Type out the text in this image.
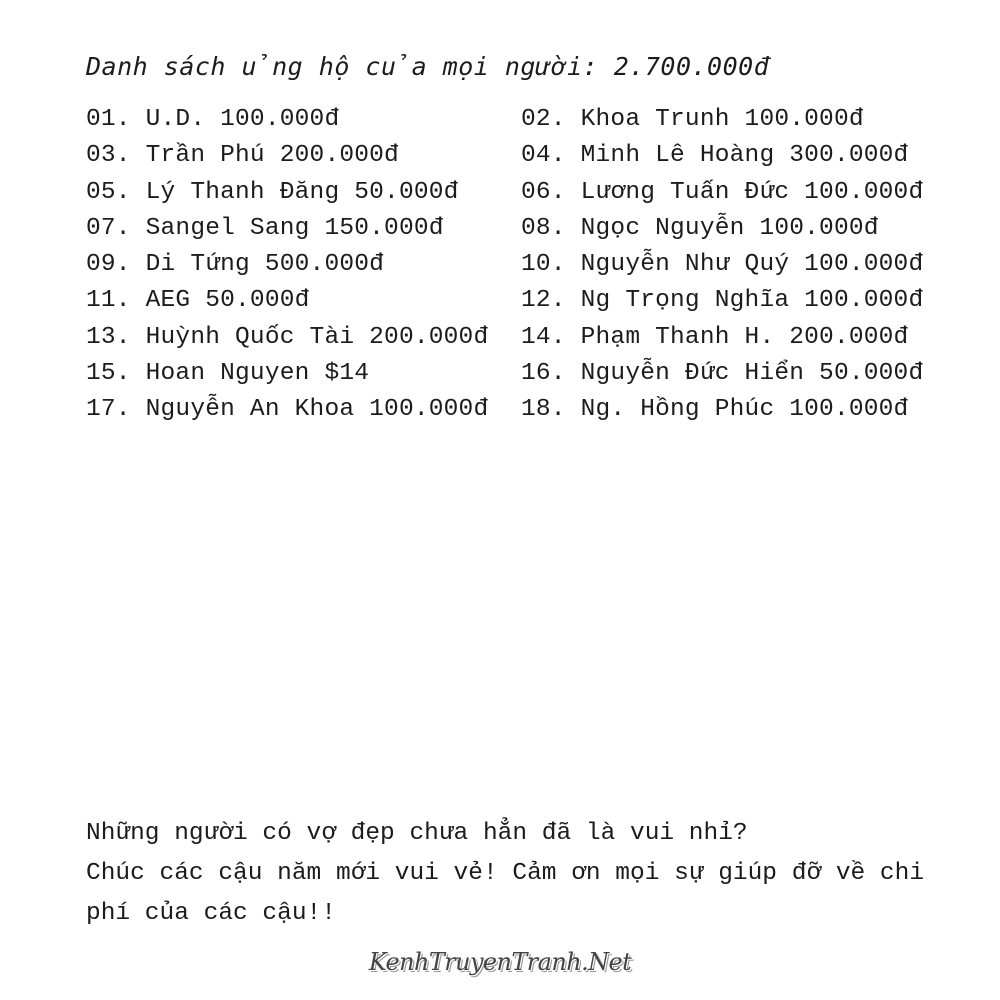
Danh sách ủng hộ của mọi người: 2.700.000đ
01. U.D. 100.000đ
03. Trần Phú 200.000đ
05. Lý Thanh Đăng 50.000đ
07. Sangel Sang 150.000đ
09. Di Tứng 500.000đ
11. AEG 50.000đ
13. Huỳnh Quốc Tài 200.000đ
15. Hoan Nguyen $14
17. Nguyễn An Khoa 100.000đ
02. Khoa Trunh 100.000đ
04. Minh Lê Hoàng 300.000đ
06. Lương Tuấn Đức 100.000đ
08. Ngọc Nguyễn 100.000đ
10. Nguyễn Như Quý 100.000đ
12. Ng Trọng Nghĩa 100.000đ
14. Phạm Thanh H. 200.000đ
16. Nguyễn Đức Hiển 50.000đ
18. Ng. Hồng Phúc 100.000đ

Những người có vợ đẹp chưa hẳn đã là vui nhỉ?

Chúc các cậu năm mới vui vẻ! Cảm ơn mọi sự giúp đỡ về chi

phí của các cậu!!

KenhTruyenTranh.Net
